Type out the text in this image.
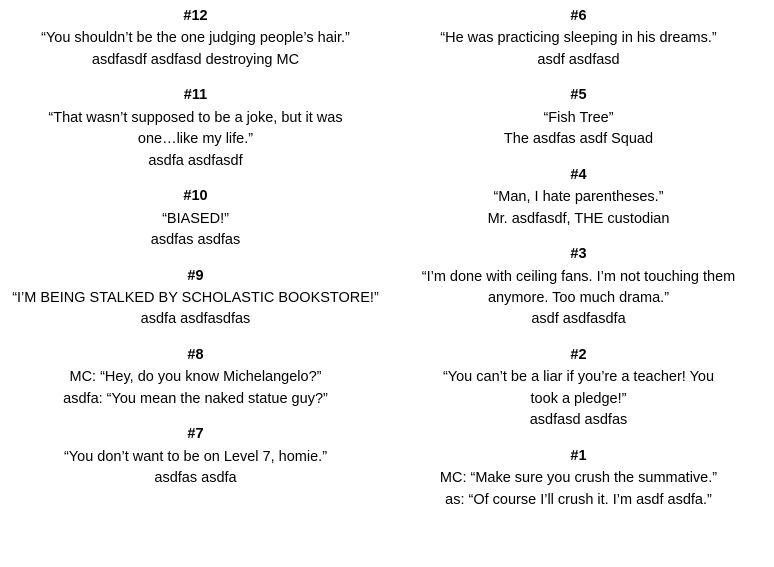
#12
“You shouldn’t be the one judging people’s hair.”
asdfasdf asdfasd destroying MC
#11
“That wasn’t supposed to be a joke, but it was
one…like my life.”
asdfa asdfasdf
#10
“BIASED!”
asdfas asdfas
#9
“I’M BEING STALKED BY SCHOLASTIC BOOKSTORE!”
asdfa asdfasdfas
#8
MC: “Hey, do you know Michelangelo?”
asdfa: “You mean the naked statue guy?”
#7
“You don’t want to be on Level 7, homie.”
asdfas asdfa
#6
“He was practicing sleeping in his dreams.”
asdf asdfasd
#5
“Fish Tree”
The asdfas asdf Squad
#4
“Man, I hate parentheses.”
Mr. asdfasdf, THE custodian
#3
“I’m done with ceiling fans. I’m not touching them
anymore. Too much drama.”
asdf asdfasdfa
#2
“You can’t be a liar if you’re a teacher! You
took a pledge!”
asdfasd asdfas
#1
MC: “Make sure you crush the summative.”
as: “Of course I’ll crush it. I’m asdf asdfa.”
